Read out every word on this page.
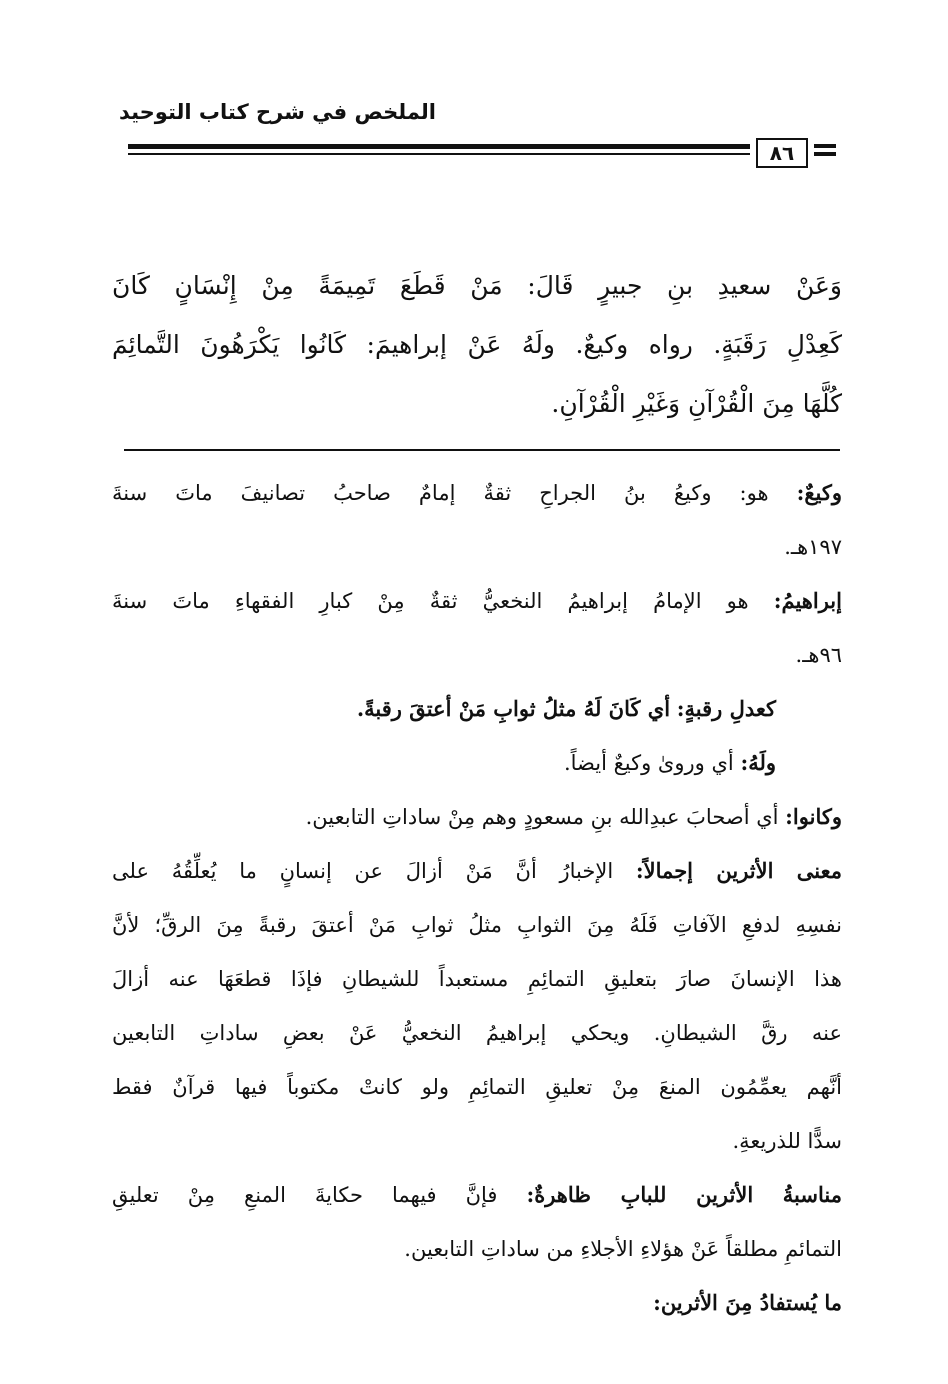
الملخص في شرح كتاب التوحيد
٨٦
وَعَنْ سعيدِ بنِ جبيرٍ قَالَ: مَنْ قَطَعَ تَمِيمَةً مِنْ إِنْسَانٍ كَانَ
كَعِدْلِ رَقَبَةٍ. رواه وكيعٌ. ولَهُ عَنْ إبراهيمَ: كَانُوا يَكْرَهُونَ التَّمائِمَ
كُلَّهَا مِنَ الْقُرْآنِ وَغَيْرِ الْقُرْآنِ.
وكيعٌ: هو: وكيعُ بنُ الجراحِ ثقةٌ إمامٌ صاحبُ تصانيفَ ماتَ سنةَ
١٩٧هـ.
إبراهيمُ: هو الإمامُ إبراهيمُ النخعيُّ ثقةٌ مِنْ كبارِ الفقهاءِ ماتَ سنةَ
٩٦هـ.
كعدلِ رقبةٍ: أي كَانَ لَهُ مثلُ ثوابِ مَنْ أعتقَ رقبةً.
ولَهُ: أي وروىٰ وكيعٌ أيضاً.
وكانوا: أي أصحابَ عبدِالله بنِ مسعودٍ وهم مِنْ ساداتِ التابعين.
معنى الأثرين إجمالاً: الإخبارُ أنَّ مَنْ أزالَ عن إنسانٍ ما يُعلِّقُهُ على
نفسِهِ لدفعِ الآفاتِ فَلَهُ مِنَ الثوابِ مثلُ ثوابِ مَنْ أعتقَ رقبةً مِنَ الرقِّ؛ لأنَّ
هذا الإنسانَ صارَ بتعليقِ التمائِمِ مستعبداً للشيطانِ فإذَا قطعَهَا عنه أزالَ
عنه رقَّ الشيطانِ. ويحكي إبراهيمُ النخعيُّ عَنْ بعضِ ساداتِ التابعين
أنَّهم يعمِّمُون المنعَ مِنْ تعليقِ التمائِمِ ولو كانتْ مكتوباً فيها قرآنٌ فقط
سدًّا للذريعةِ.
مناسبةُ الأثرين للبابِ ظاهرةٌ: فإنَّ فيهما حكايةَ المنعِ مِنْ تعليقِ
التمائمِ مطلقاً عَنْ هؤلاءِ الأجلاءِ من ساداتِ التابعين.
ما يُستفادُ مِنَ الأثرين:
